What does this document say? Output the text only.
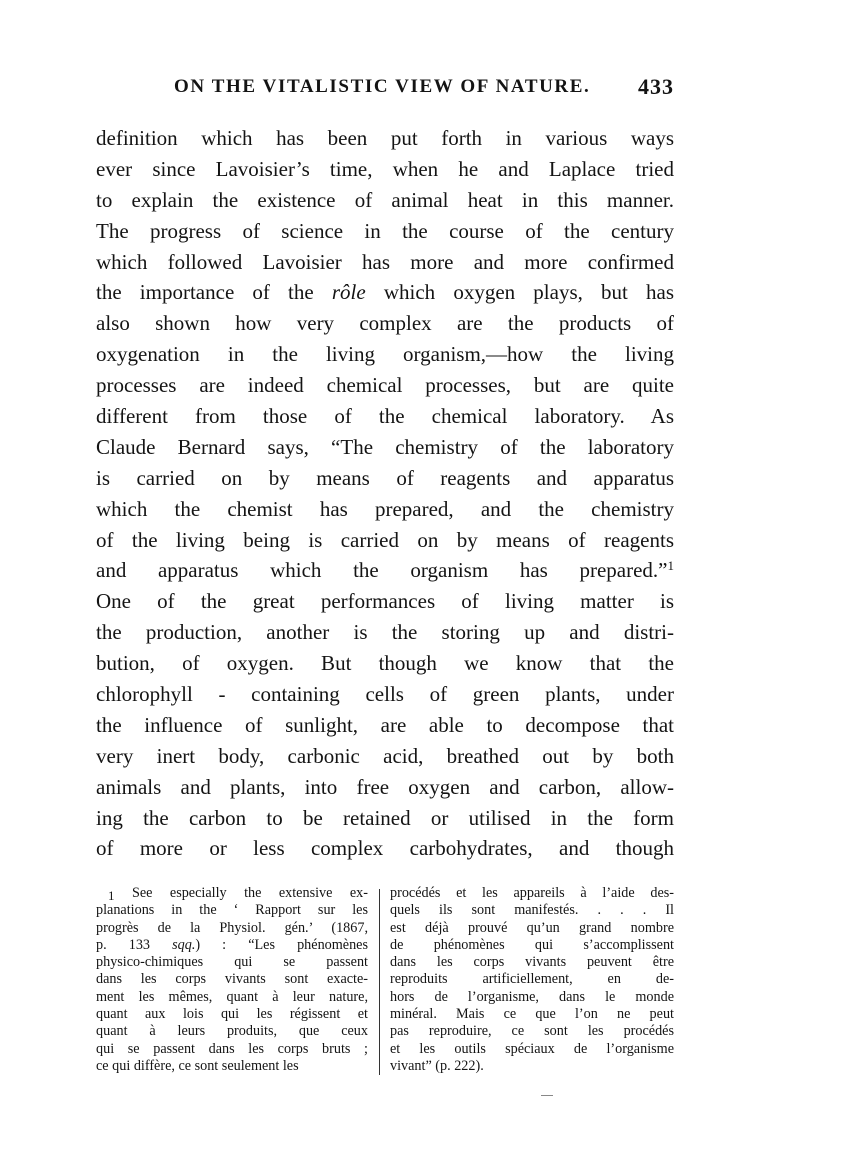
ON THE VITALISTIC VIEW OF NATURE. 433
definition which has been put forth in various ways
ever since Lavoisier’s time, when he and Laplace tried
to explain the existence of animal heat in this manner.
The progress of science in the course of the century
which followed Lavoisier has more and more confirmed
the importance of the rôle which oxygen plays, but has
also shown how very complex are the products of
oxygenation in the living organism,—how the living
processes are indeed chemical processes, but are quite
different from those of the chemical laboratory. As
Claude Bernard says, “The chemistry of the laboratory
is carried on by means of reagents and apparatus
which the chemist has prepared, and the chemistry
of the living being is carried on by means of reagents
and apparatus which the organism has prepared.”$^1$
One of the great performances of living matter is
the production, another is the storing up and distri-
bution, of oxygen. But though we know that the
chlorophyll - containing cells of green plants, under
the influence of sunlight, are able to decompose that
very inert body, carbonic acid, breathed out by both
animals and plants, into free oxygen and carbon, allow-
ing the carbon to be retained or utilised in the form
of more or less complex carbohydrates, and though
$^1$ See especially the extensive ex-
planations in the ‘ Rapport sur les
progrès de la Physiol. gén.’ (1867,
p. 133 sqq.) : “Les phénomènes
physico-chimiques qui se passent
dans les corps vivants sont exacte-
ment les mêmes, quant à leur nature,
quant aux lois qui les régissent et
quant à leurs produits, que ceux
qui se passent dans les corps bruts ;
ce qui diffère, ce sont seulement les
procédés et les appareils à l’aide des-
quels ils sont manifestés. . . . Il
est déjà prouvé qu’un grand nombre
de phénomènes qui s’accomplissent
dans les corps vivants peuvent être
reproduits artificiellement, en de-
hors de l’organisme, dans le monde
minéral. Mais ce que l’on ne peut
pas reproduire, ce sont les procédés
et les outils spéciaux de l’organisme
vivant” (p. 222).
